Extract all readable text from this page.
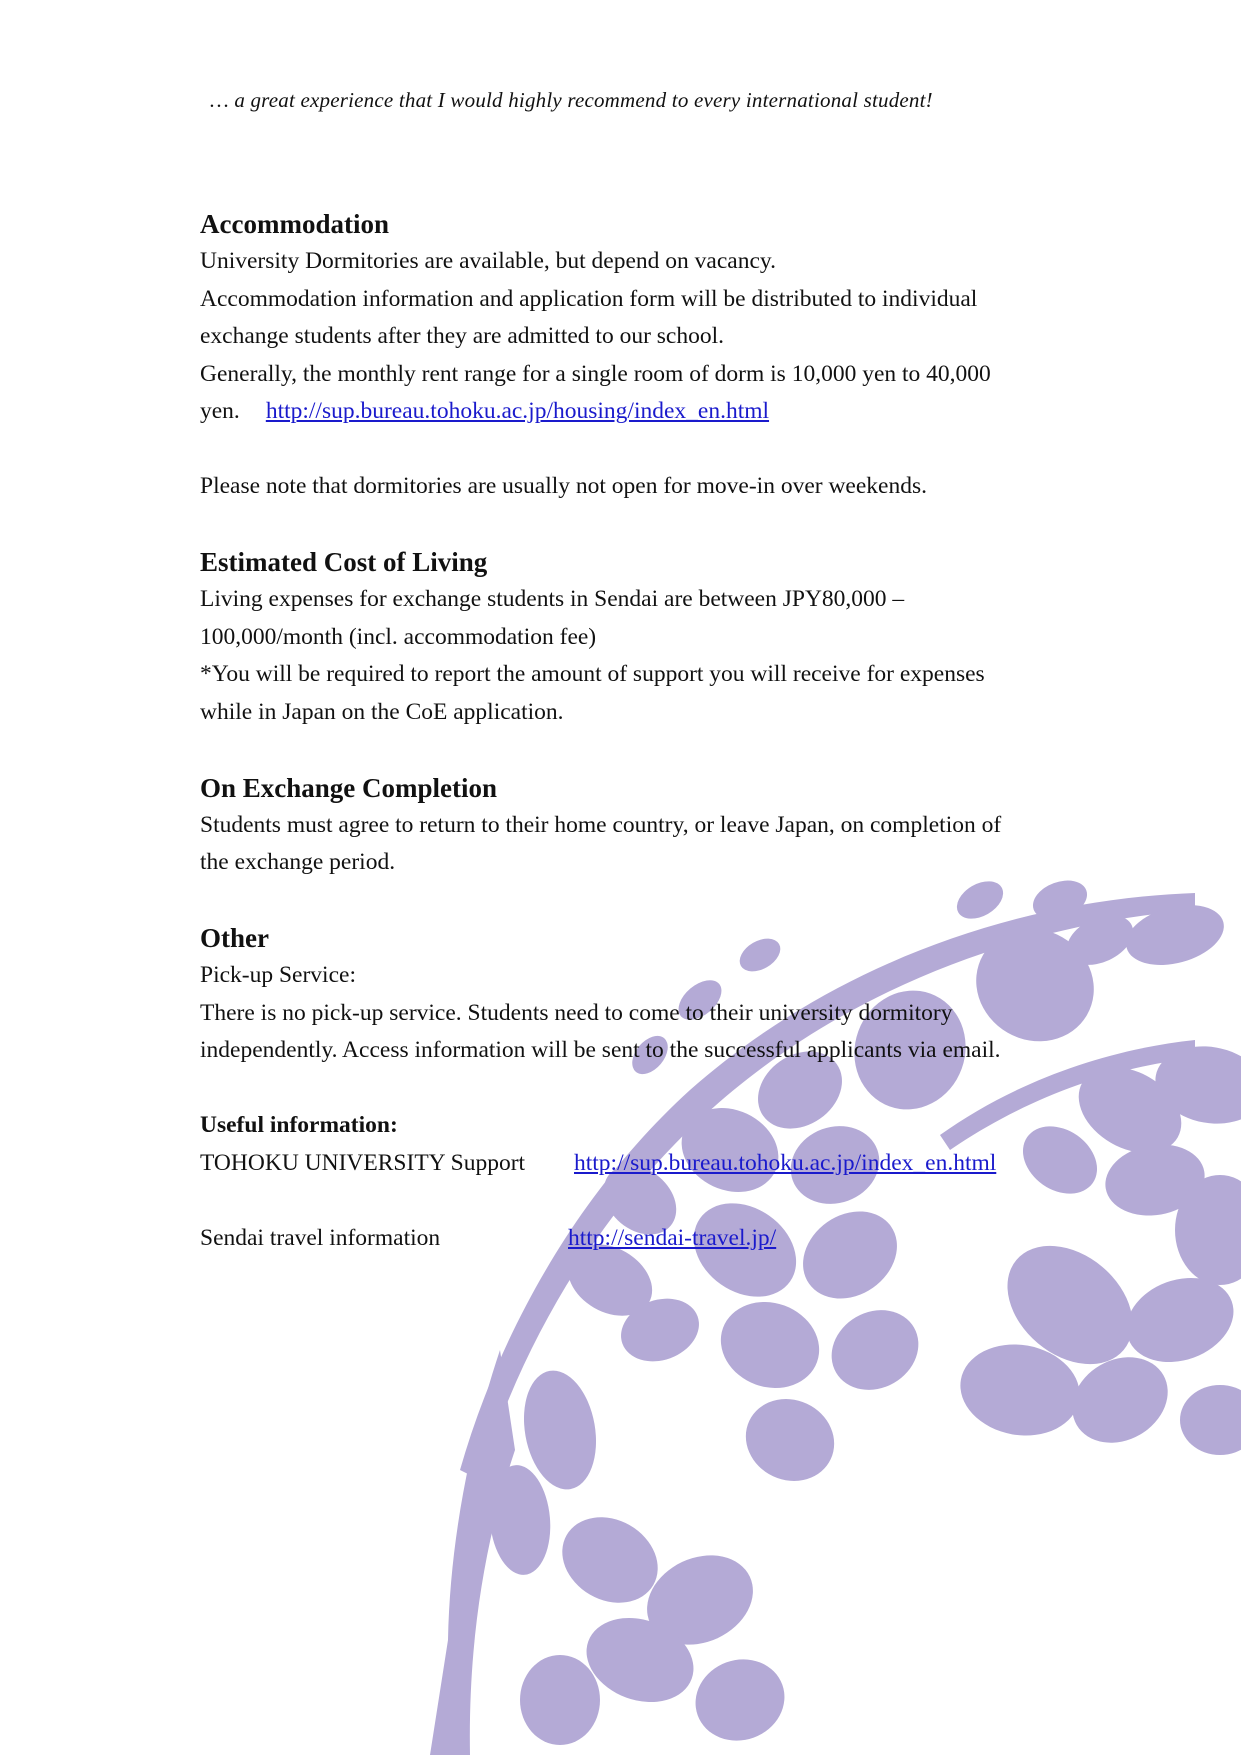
… a great experience that I would highly recommend to every international student!
Accommodation
University Dormitories are available, but depend on vacancy.
Accommodation information and application form will be distributed to individual
exchange students after they are admitted to our school.
Generally, the monthly rent range for a single room of dorm is 10,000 yen to 40,000
yen. http://sup.bureau.tohoku.ac.jp/housing/index_en.html
Please note that dormitories are usually not open for move-in over weekends.
Estimated Cost of Living
Living expenses for exchange students in Sendai are between JPY80,000 –
100,000/month (incl. accommodation fee)
*You will be required to report the amount of support you will receive for expenses
while in Japan on the CoE application.
On Exchange Completion
Students must agree to return to their home country, or leave Japan, on completion of
the exchange period.
Other
Pick-up Service:
There is no pick-up service. Students need to come to their university dormitory
independently. Access information will be sent to the successful applicants via email.
Useful information:
TOHOKU UNIVERSITY Support http://sup.bureau.tohoku.ac.jp/index_en.html
Sendai travel information	http://sendai-travel.jp/
